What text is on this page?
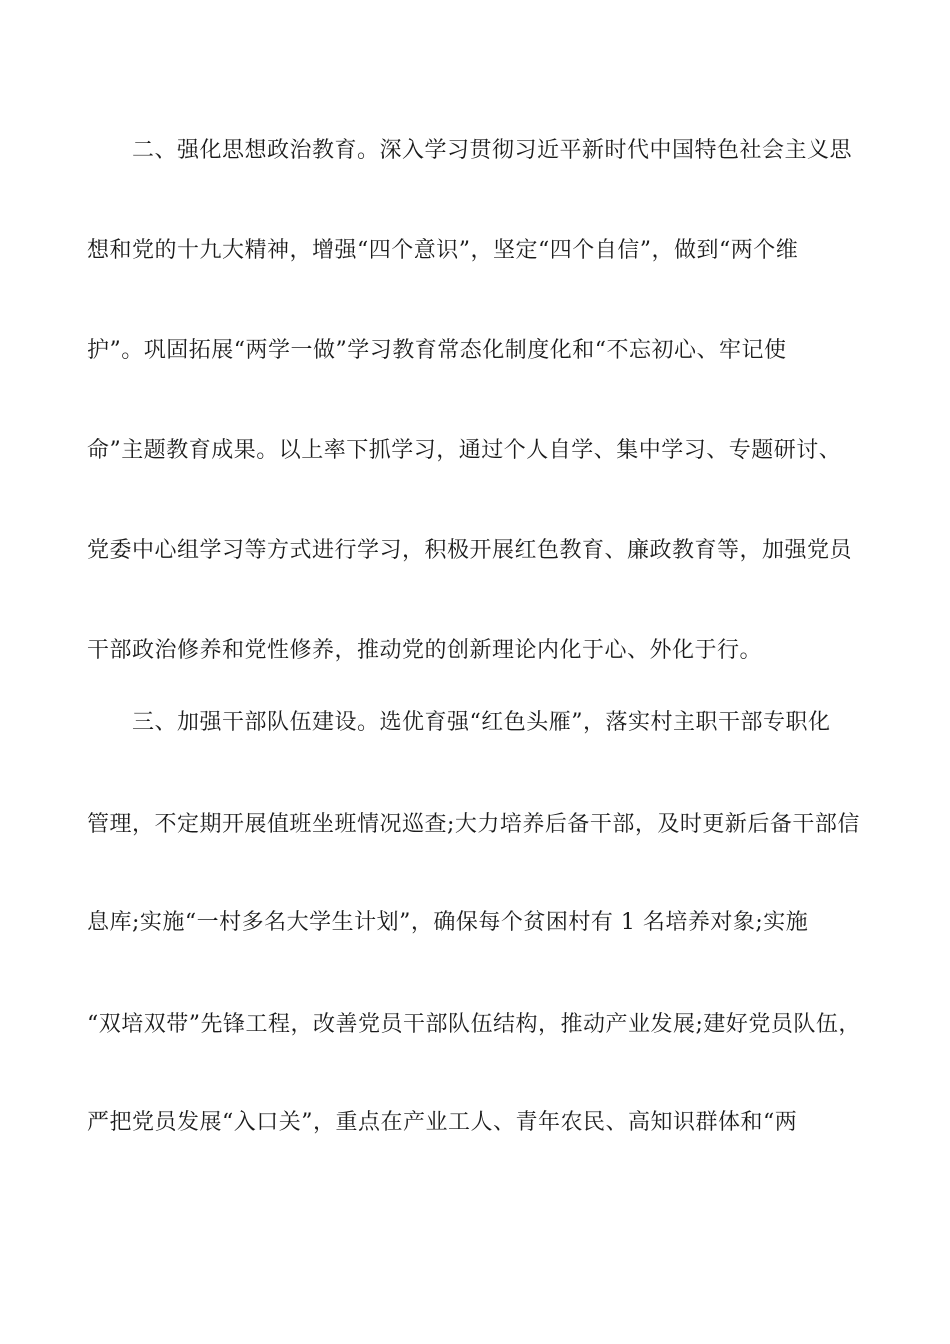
二、强化思想政治教育。深入学习贯彻习近平新时代中国特色社会主义思
想和党的十九大精神，增强“四个意识”，坚定“四个自信”，做到“两个维
护”。巩固拓展“两学一做”学习教育常态化制度化和“不忘初心、牢记使
命”主题教育成果。以上率下抓学习，通过个人自学、集中学习、专题研讨、
党委中心组学习等方式进行学习，积极开展红色教育、廉政教育等，加强党员
干部政治修养和党性修养，推动党的创新理论内化于心、外化于行。
三、加强干部队伍建设。选优育强“红色头雁”，落实村主职干部专职化
管理，不定期开展值班坐班情况巡查;大力培养后备干部，及时更新后备干部信
息库;实施“一村多名大学生计划”，确保每个贫困村有 1 名培养对象;实施
“双培双带”先锋工程，改善党员干部队伍结构，推动产业发展;建好党员队伍，
严把党员发展“入口关”，重点在产业工人、青年农民、高知识群体和“两
